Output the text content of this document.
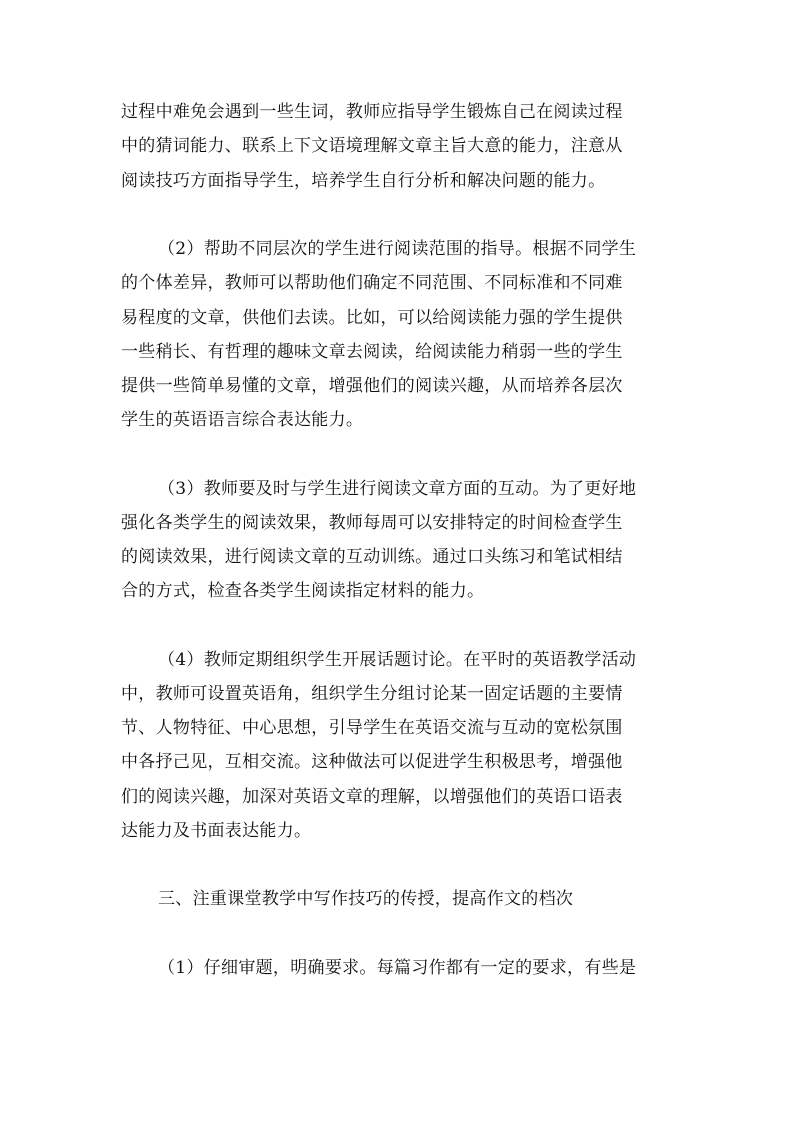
过程中难免会遇到一些生词，教师应指导学生锻炼自己在阅读过程
中的猜词能力、联系上下文语境理解文章主旨大意的能力，注意从
阅读技巧方面指导学生，培养学生自行分析和解决问题的能力。
（2）帮助不同层次的学生进行阅读范围的指导。根据不同学生
的个体差异，教师可以帮助他们确定不同范围、不同标准和不同难
易程度的文章，供他们去读。比如，可以给阅读能力强的学生提供
一些稍长、有哲理的趣味文章去阅读，给阅读能力稍弱一些的学生
提供一些简单易懂的文章，增强他们的阅读兴趣，从而培养各层次
学生的英语语言综合表达能力。
（3）教师要及时与学生进行阅读文章方面的互动。为了更好地
强化各类学生的阅读效果，教师每周可以安排特定的时间检查学生
的阅读效果，进行阅读文章的互动训练。通过口头练习和笔试相结
合的方式，检查各类学生阅读指定材料的能力。
（4）教师定期组织学生开展话题讨论。在平时的英语教学活动
中，教师可设置英语角，组织学生分组讨论某一固定话题的主要情
节、人物特征、中心思想，引导学生在英语交流与互动的宽松氛围
中各抒己见，互相交流。这种做法可以促进学生积极思考，增强他
们的阅读兴趣，加深对英语文章的理解，以增强他们的英语口语表
达能力及书面表达能力。
三、注重课堂教学中写作技巧的传授，提高作文的档次
（1）仔细审题，明确要求。每篇习作都有一定的要求，有些是
